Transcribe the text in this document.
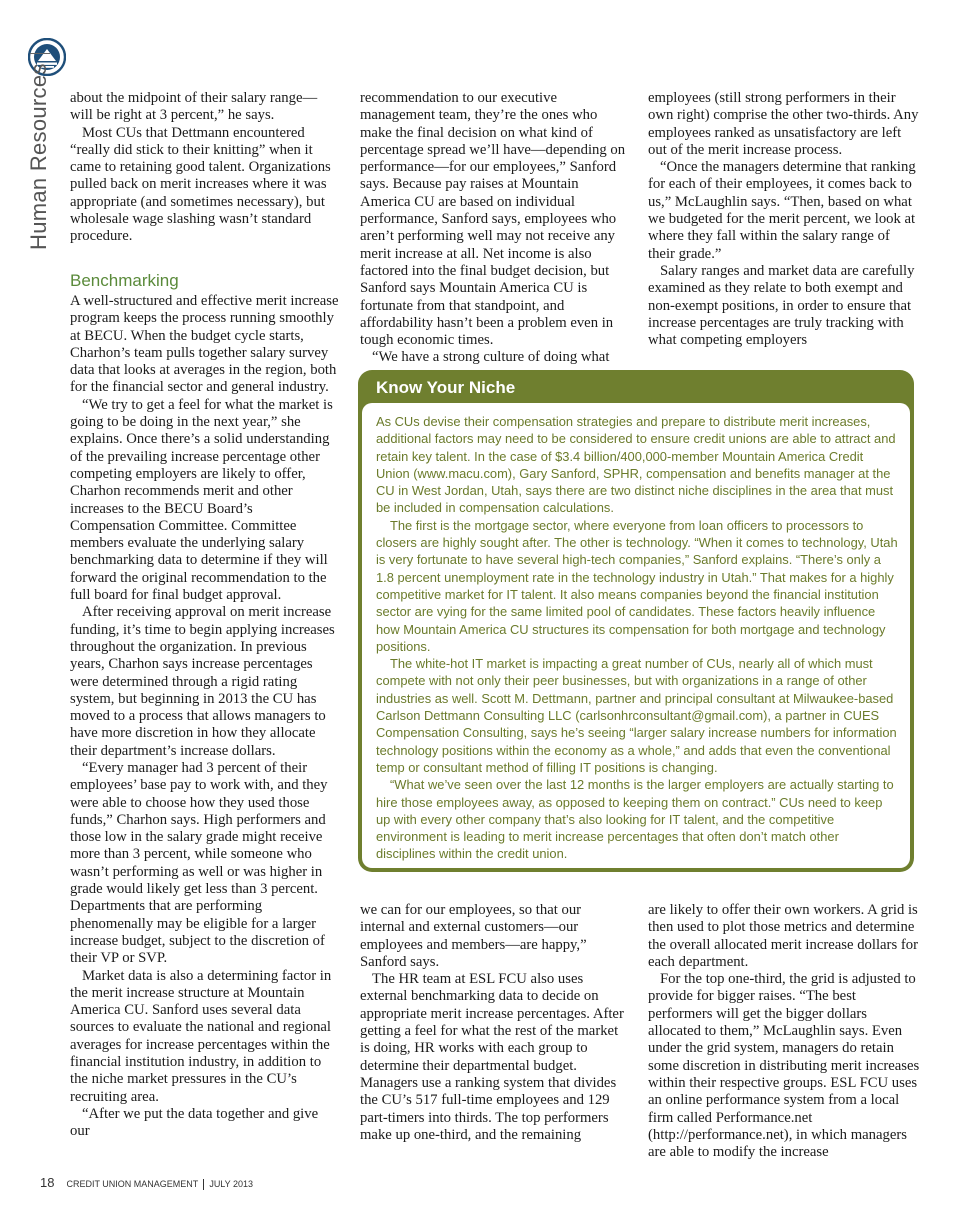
Human Resources about the midpoint of their salary range—will be right at 3 percent,” he says.

Most CUs that Dettmann encountered “really did stick to their knitting” when it came to retaining good talent. Organizations pulled back on merit increases where it was appropriate (and sometimes necessary), but wholesale wage slashing wasn’t standard procedure.

Benchmarking

A well-structured and effective merit increase program keeps the process running smoothly at BECU. When the budget cycle starts, Charhon’s team pulls together salary survey data that looks at averages in the region, both for the financial sector and general industry.

“We try to get a feel for what the market is going to be doing in the next year,” she explains. Once there’s a solid understanding of the prevailing increase percentage other competing employers are likely to offer, Charhon recommends merit and other increases to the BECU Board’s Compensation Committee. Committee members evaluate the underlying salary benchmarking data to determine if they will forward the original recommendation to the full board for final budget approval.

After receiving approval on merit increase funding, it’s time to begin applying increases throughout the organization. In previous years, Charhon says increase percentages were determined through a rigid rating system, but beginning in 2013 the CU has moved to a process that allows managers to have more discretion in how they allocate their department’s increase dollars.

“Every manager had 3 percent of their employees’ base pay to work with, and they were able to choose how they used those funds,” Charhon says. High performers and those low in the salary grade might receive more than 3 percent, while someone who wasn’t performing as well or was higher in grade would likely get less than 3 percent. Departments that are performing phenomenally may be eligible for a larger increase budget, subject to the discretion of their VP or SVP.

Market data is also a determining factor in the merit increase structure at Mountain America CU. Sanford uses several data sources to evaluate the national and regional averages for increase percentages within the financial institution industry, in addition to the niche market pressures in the CU’s recruiting area.

“After we put the data together and give our

recommendation to our executive management team, they’re the ones who make the final decision on what kind of percentage spread we’ll have—depending on performance—for our employees,” Sanford says. Because pay raises at Mountain America CU are based on individual performance, Sanford says, employees who aren’t performing well may not receive any merit increase at all. Net income is also factored into the final budget decision, but Sanford says Mountain America CU is fortunate from that standpoint, and affordability hasn’t been a problem even in tough economic times.

“We have a strong culture of doing what

employees (still strong performers in their own right) comprise the other two-thirds. Any employees ranked as unsatisfactory are left out of the merit increase process.

“Once the managers determine that ranking for each of their employees, it comes back to us,” McLaughlin says. “Then, based on what we budgeted for the merit percent, we look at where they fall within the salary range of their grade.”

Salary ranges and market data are carefully examined as they relate to both exempt and non-exempt positions, in order to ensure that increase percentages are truly tracking with what competing employers

Know Your Niche

As CUs devise their compensation strategies and prepare to distribute merit increases, additional factors may need to be considered to ensure credit unions are able to attract and retain key talent. In the case of $3.4 billion/400,000-member Mountain America Credit Union (www.macu.com), Gary Sanford, SPHR, compensation and benefits manager at the CU in West Jordan, Utah, says there are two distinct niche disciplines in the area that must be included in compensation calculations.

The first is the mortgage sector, where everyone from loan officers to processors to closers are highly sought after. The other is technology. “When it comes to technology, Utah is very fortunate to have several high-tech companies,” Sanford explains. “There’s only a 1.8 percent unemployment rate in the technology industry in Utah.” That makes for a highly competitive market for IT talent. It also means companies beyond the financial institution sector are vying for the same limited pool of candidates. These factors heavily influence how Mountain America CU structures its compensation for both mortgage and technology positions.

The white-hot IT market is impacting a great number of CUs, nearly all of which must compete with not only their peer businesses, but with organizations in a range of other industries as well. Scott M. Dettmann, partner and principal consultant at Milwaukee-based Carlson Dettmann Consulting LLC (carlsonhrconsultant@gmail.com), a partner in CUES Compensation Consulting, says he’s seeing “larger salary increase numbers for information technology positions within the economy as a whole,” and adds that even the conventional temp or consultant method of filling IT positions is changing.

“What we’ve seen over the last 12 months is the larger employers are actually starting to hire those employees away, as opposed to keeping them on contract.” CUs need to keep up with every other company that’s also looking for IT talent, and the competitive environment is leading to merit increase percentages that often don’t match other disciplines within the credit union.

we can for our employees, so that our internal and external customers—our employees and members—are happy,” Sanford says.

The HR team at ESL FCU also uses external benchmarking data to decide on appropriate merit increase percentages. After getting a feel for what the rest of the market is doing, HR works with each group to determine their departmental budget. Managers use a ranking system that divides the CU’s 517 full-time employees and 129 part-timers into thirds. The top performers make up one-third, and the remaining

are likely to offer their own workers. A grid is then used to plot those metrics and determine the overall allocated merit increase dollars for each department.

For the top one-third, the grid is adjusted to provide for bigger raises. “The best performers will get the bigger dollars allocated to them,” McLaughlin says. Even under the grid system, managers do retain some discretion in distributing merit increases within their respective groups. ESL FCU uses an online performance system from a local firm called Performance.net (http://performance.net), in which managers are able to modify the increase

18 CREDIT UNION MANAGEMENT JULY 2013
